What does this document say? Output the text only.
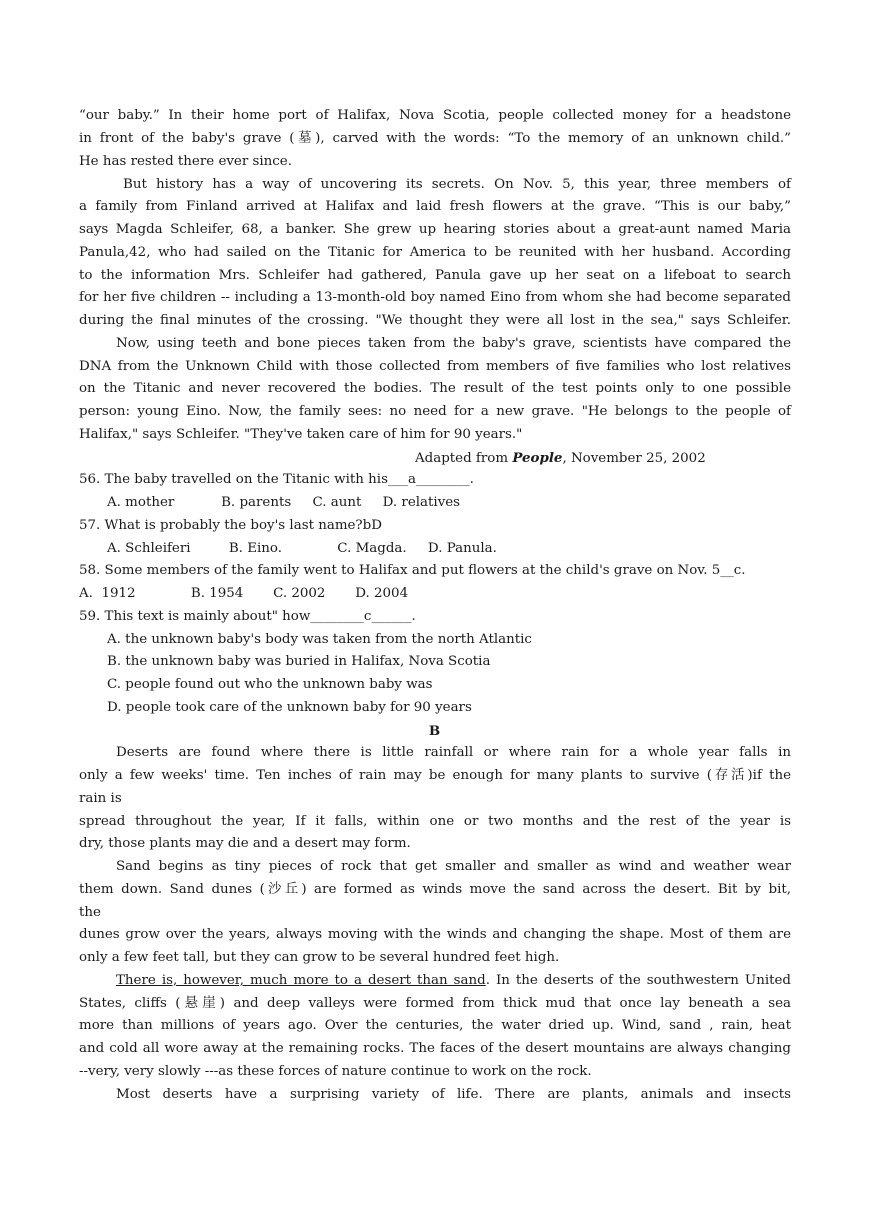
“our baby.” In their home port of Halifax, Nova Scotia, people collected money for a headstone
in front of the baby's grave (墓), carved with the words: “To the memory of an unknown child.”
He has rested there ever since.
But history has a way of uncovering its secrets. On Nov. 5, this year, three members of
a family from Finland arrived at Halifax and laid fresh flowers at the grave. “This is our baby,”
says Magda Schleifer, 68, a banker. She grew up hearing stories about a great-aunt named Maria
Panula,42, who had sailed on the Titanic for America to be reunited with her husband. According
to the information Mrs. Schleifer had gathered, Panula gave up her seat on a lifeboat to search
for her five children -- including a 13-month-old boy named Eino from whom she had become separated
during the final minutes of the crossing. "We thought they were all lost in the sea," says Schleifer.
Now, using teeth and bone pieces taken from the baby's grave, scientists have compared the
DNA from the Unknown Child with those collected from members of five families who lost relatives
on the Titanic and never recovered the bodies. The result of the test points only to one possible
person: young Eino. Now, the family sees: no need for a new grave. "He belongs to the people of
Halifax," says Schleifer. "They've taken care of him for 90 years."
Adapted from People, November 25, 2002
56. The baby travelled on the Titanic with his___a________.
A. mother           B. parents     C. aunt     D. relatives
57. What is probably the boy's last name?bD
A. Schleiferi         B. Eino.             C. Magda.     D. Panula.
58. Some members of the family went to Halifax and put flowers at the child's grave on Nov. 5__c.
A.  1912             B. 1954       C. 2002       D. 2004
59. This text is mainly about" how________c______.
A. the unknown baby's body was taken from the north Atlantic
B. the unknown baby was buried in Halifax, Nova Scotia
C. people found out who the unknown baby was
D. people took care of the unknown baby for 90 years
B
Deserts are found where there is little rainfall or where rain for a whole year falls in
only a few weeks' time. Ten inches of rain may be enough for many plants to survive (存活)if the
rain is
spread throughout the year, If it falls, within one or two months and the rest of the year is
dry, those plants may die and a desert may form.
Sand begins as tiny pieces of rock that get smaller and smaller as wind and weather wear
them down. Sand dunes (沙丘) are formed as winds move the sand across the desert. Bit by bit,
the
dunes grow over the years, always moving with the winds and changing the shape. Most of them are
only a few feet tall, but they can grow to be several hundred feet high.
There is, however, much more to a desert than sand. In the deserts of the southwestern United
States, cliffs (悬崖) and deep valleys were formed from thick mud that once lay beneath a sea
more than millions of years ago. Over the centuries, the water dried up. Wind, sand , rain, heat
and cold all wore away at the remaining rocks. The faces of the desert mountains are always changing
--very, very slowly ---as these forces of nature continue to work on the rock.
Most deserts have a surprising variety of life. There are plants, animals and insects
